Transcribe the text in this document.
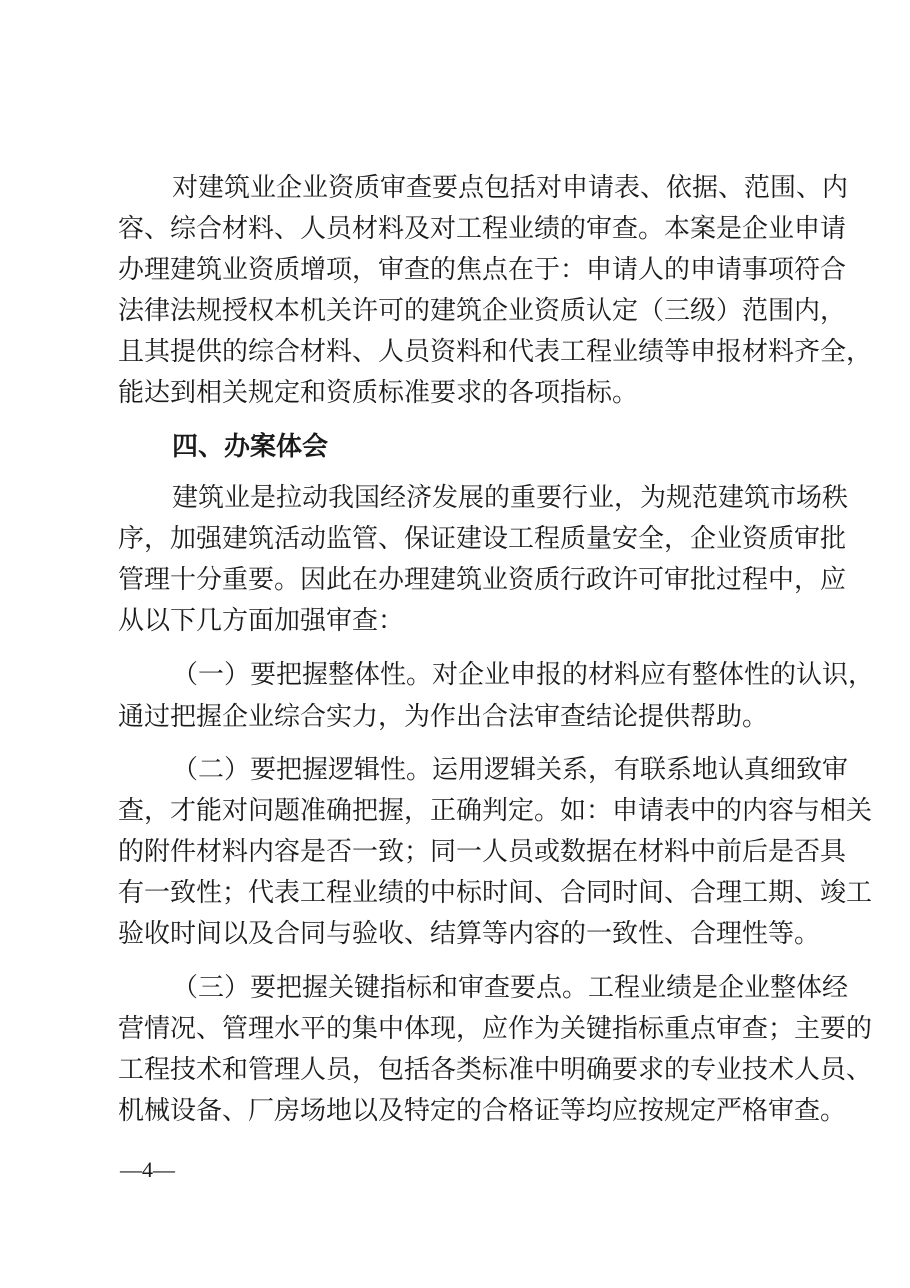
对建筑业企业资质审查要点包括对申请表、依据、范围、内
容、综合材料、人员材料及对工程业绩的审查。本案是企业申请
办理建筑业资质增项，审查的焦点在于：申请人的申请事项符合
法律法规授权本机关许可的建筑企业资质认定（三级）范围内，
且其提供的综合材料、人员资料和代表工程业绩等申报材料齐全，
能达到相关规定和资质标准要求的各项指标。
四、办案体会
建筑业是拉动我国经济发展的重要行业，为规范建筑市场秩
序，加强建筑活动监管、保证建设工程质量安全，企业资质审批
管理十分重要。因此在办理建筑业资质行政许可审批过程中，应
从以下几方面加强审查：
（一）要把握整体性。对企业申报的材料应有整体性的认识，
通过把握企业综合实力，为作出合法审查结论提供帮助。
（二）要把握逻辑性。运用逻辑关系，有联系地认真细致审
查，才能对问题准确把握，正确判定。如：申请表中的内容与相关
的附件材料内容是否一致；同一人员或数据在材料中前后是否具
有一致性；代表工程业绩的中标时间、合同时间、合理工期、竣工
验收时间以及合同与验收、结算等内容的一致性、合理性等。
（三）要把握关键指标和审查要点。工程业绩是企业整体经
营情况、管理水平的集中体现，应作为关键指标重点审查；主要的
工程技术和管理人员，包括各类标准中明确要求的专业技术人员、
机械设备、厂房场地以及特定的合格证等均应按规定严格审查。
—4—
